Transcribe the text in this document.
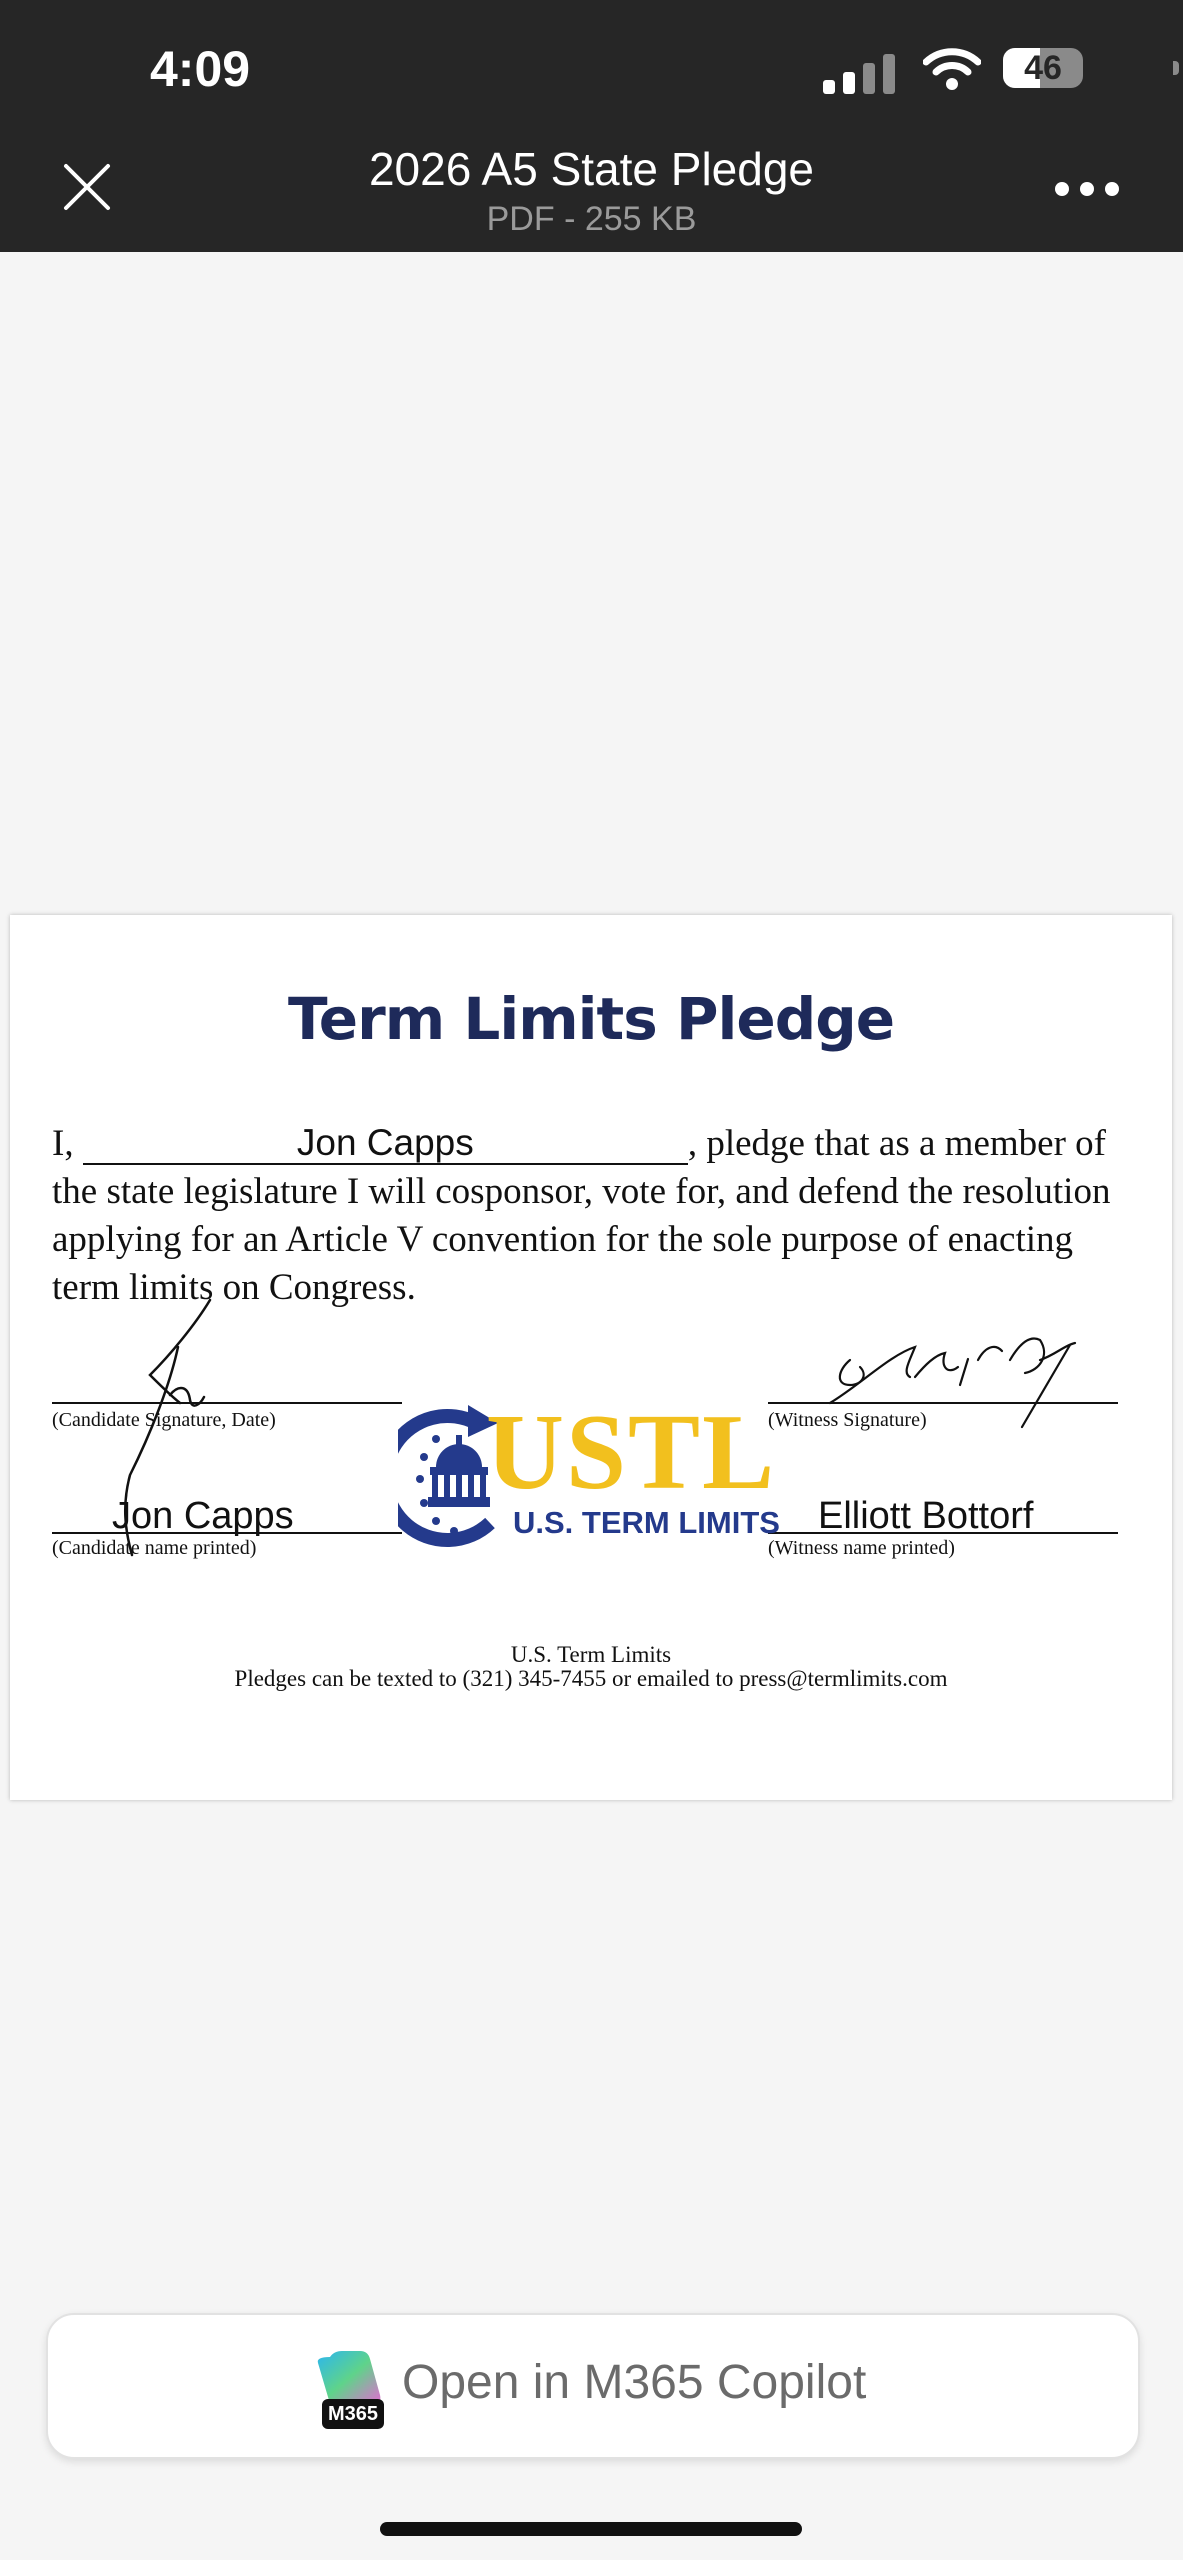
4:09	46
2026 A5 State Pledge
PDF - 255 KB
Term Limits Pledge
I,	Jon Capps	, pledge that as a member of the state legislature I will cosponsor, vote for, and defend the resolution applying for an Article V convention for the sole purpose of enacting term limits on Congress.
(Candidate Signature, Date)	(Witness Signature)
Jon Capps
(Candidate name printed)
Elliott Bottorf
(Witness name printed)
USTL
U.S. TERM LIMITS
U.S. Term Limits
Pledges can be texted to (321) 345-7455 or emailed to press@termlimits.com
M365
Open in M365 Copilot
